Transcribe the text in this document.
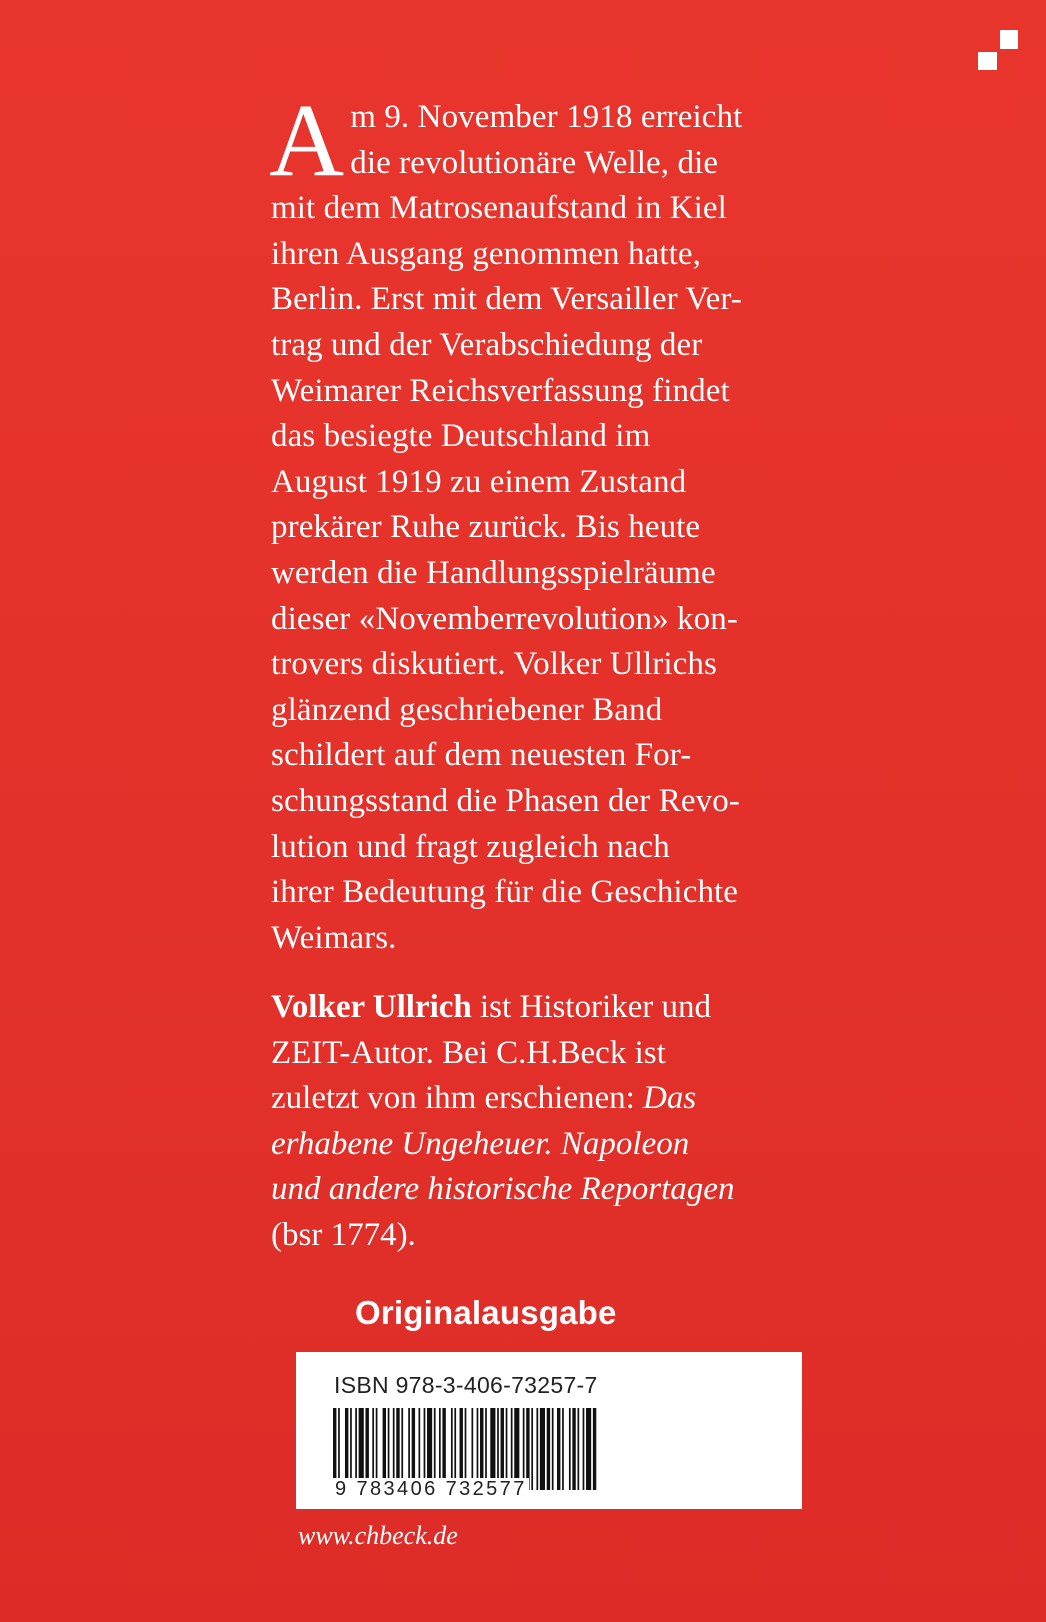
A m 9. November 1918 erreicht
die revolutionäre Welle, die
mit dem Matrosenaufstand in Kiel
ihren Ausgang genommen hatte,
Berlin. Erst mit dem Versailler Ver-
trag und der Verabschiedung der
Weimarer Reichsverfassung findet
das besiegte Deutschland im
August 1919 zu einem Zustand
prekärer Ruhe zurück. Bis heute
werden die Handlungsspielräume
dieser «Novemberrevolution» kon-
trovers diskutiert. Volker Ullrichs
glänzend geschriebener Band
schildert auf dem neuesten For-
schungsstand die Phasen der Revo-
lution und fragt zugleich nach
ihrer Bedeutung für die Geschichte
Weimars.
Volker Ullrich ist Historiker und
ZEIT-Autor. Bei C.H.Beck ist
zuletzt von ihm erschienen: Das
erhabene Ungeheuer. Napoleon
und andere historische Reportagen
(bsr 1774).
Originalausgabe
ISBN 978-3-406-73257-7
9 783406 732577
www.chbeck.de
